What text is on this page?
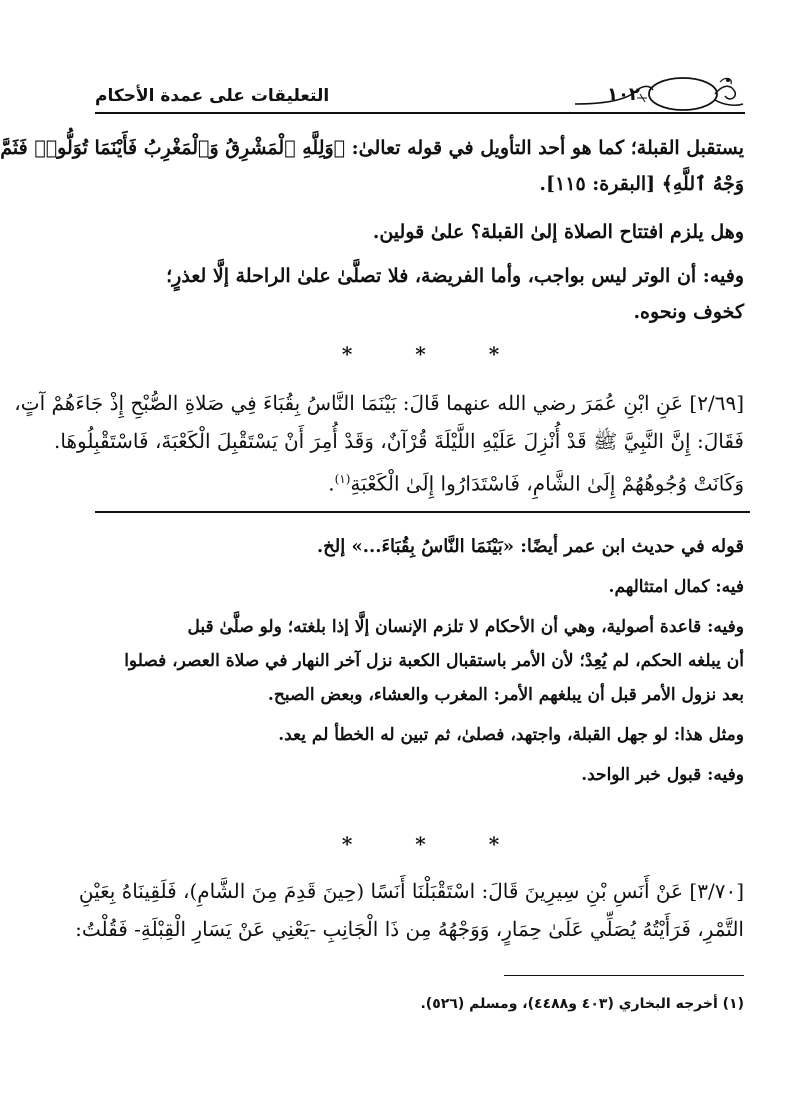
التعليقات على عمدة الأحكام	١٠٢
يستقبل القبلة؛ كما هو أحد التأويل في قوله تعالىٰ: ﴿وَلِلَّهِ ٱلْمَشْرِقُ وَٱلْمَغْرِبُ فَأَيْنَمَا تُوَلُّوا۟ فَثَمَّ
وَجْهُ ٱللَّهِ﴾ [البقرة: ١١٥].
وهل يلزم افتتاح الصلاة إلىٰ القبلة؟ علىٰ قولين.
وفيه: أن الوتر ليس بواجب، وأما الفريضة، فلا تصلَّىٰ علىٰ الراحلة إلَّا لعذرٍ؛
كخوف ونحوه.
*	*	*
[٢/٦٩] عَنِ ابْنِ عُمَرَ رضي الله عنهما قَالَ: بَيْنَمَا النَّاسُ بِقُبَاءَ فِي صَلاةِ الصُّبْحِ إِذْ جَاءَهُمْ آتٍ،
فَقَالَ: إِنَّ النَّبِيَّ ﷺ قَدْ أُنْزِلَ عَلَيْهِ اللَّيْلَةَ قُرْآنٌ، وَقَدْ أُمِرَ أَنْ يَسْتَقْبِلَ الْكَعْبَةَ، فَاسْتَقْبِلُوهَا.
وَكَانَتْ وُجُوهُهُمْ إِلَىٰ الشَّامِ، فَاسْتَدَارُوا إِلَىٰ الْكَعْبَةِ$^{(١)}$.
قوله في حديث ابن عمر أيضًا: «بَيْنَمَا النَّاسُ بِقُبَاءَ...» إلخ.
فيه: كمال امتثالهم.
وفيه: قاعدة أصولية، وهي أن الأحكام لا تلزم الإنسان إلَّا إذا بلغته؛ ولو صلَّىٰ قبل
أن يبلغه الحكم، لم يُعِدْ؛ لأن الأمر باستقبال الكعبة نزل آخر النهار في صلاة العصر، فصلوا
بعد نزول الأمر قبل أن يبلغهم الأمر: المغرب والعشاء، وبعض الصبح.
ومثل هذا: لو جهل القبلة، واجتهد، فصلىٰ، ثم تبين له الخطأ لم يعد.
وفيه: قبول خبر الواحد.
*	*	*
[٣/٧٠] عَنْ أَنَسِ بْنِ سِيرِينَ قَالَ: اسْتَقْبَلْنَا أَنَسًا (حِينَ قَدِمَ مِنَ الشَّامِ)، فَلَقِينَاهُ بِعَيْنِ
التَّمْرِ، فَرَأَيْتُهُ يُصَلِّي عَلَىٰ حِمَارٍ، وَوَجْهُهُ مِن ذَا الْجَانِبِ -يَعْنِي عَنْ يَسَارِ الْقِبْلَةِ- فَقُلْتُ:
(١) أخرجه البخاري (٤٠٣ و٤٤٨٨)، ومسلم (٥٢٦).
